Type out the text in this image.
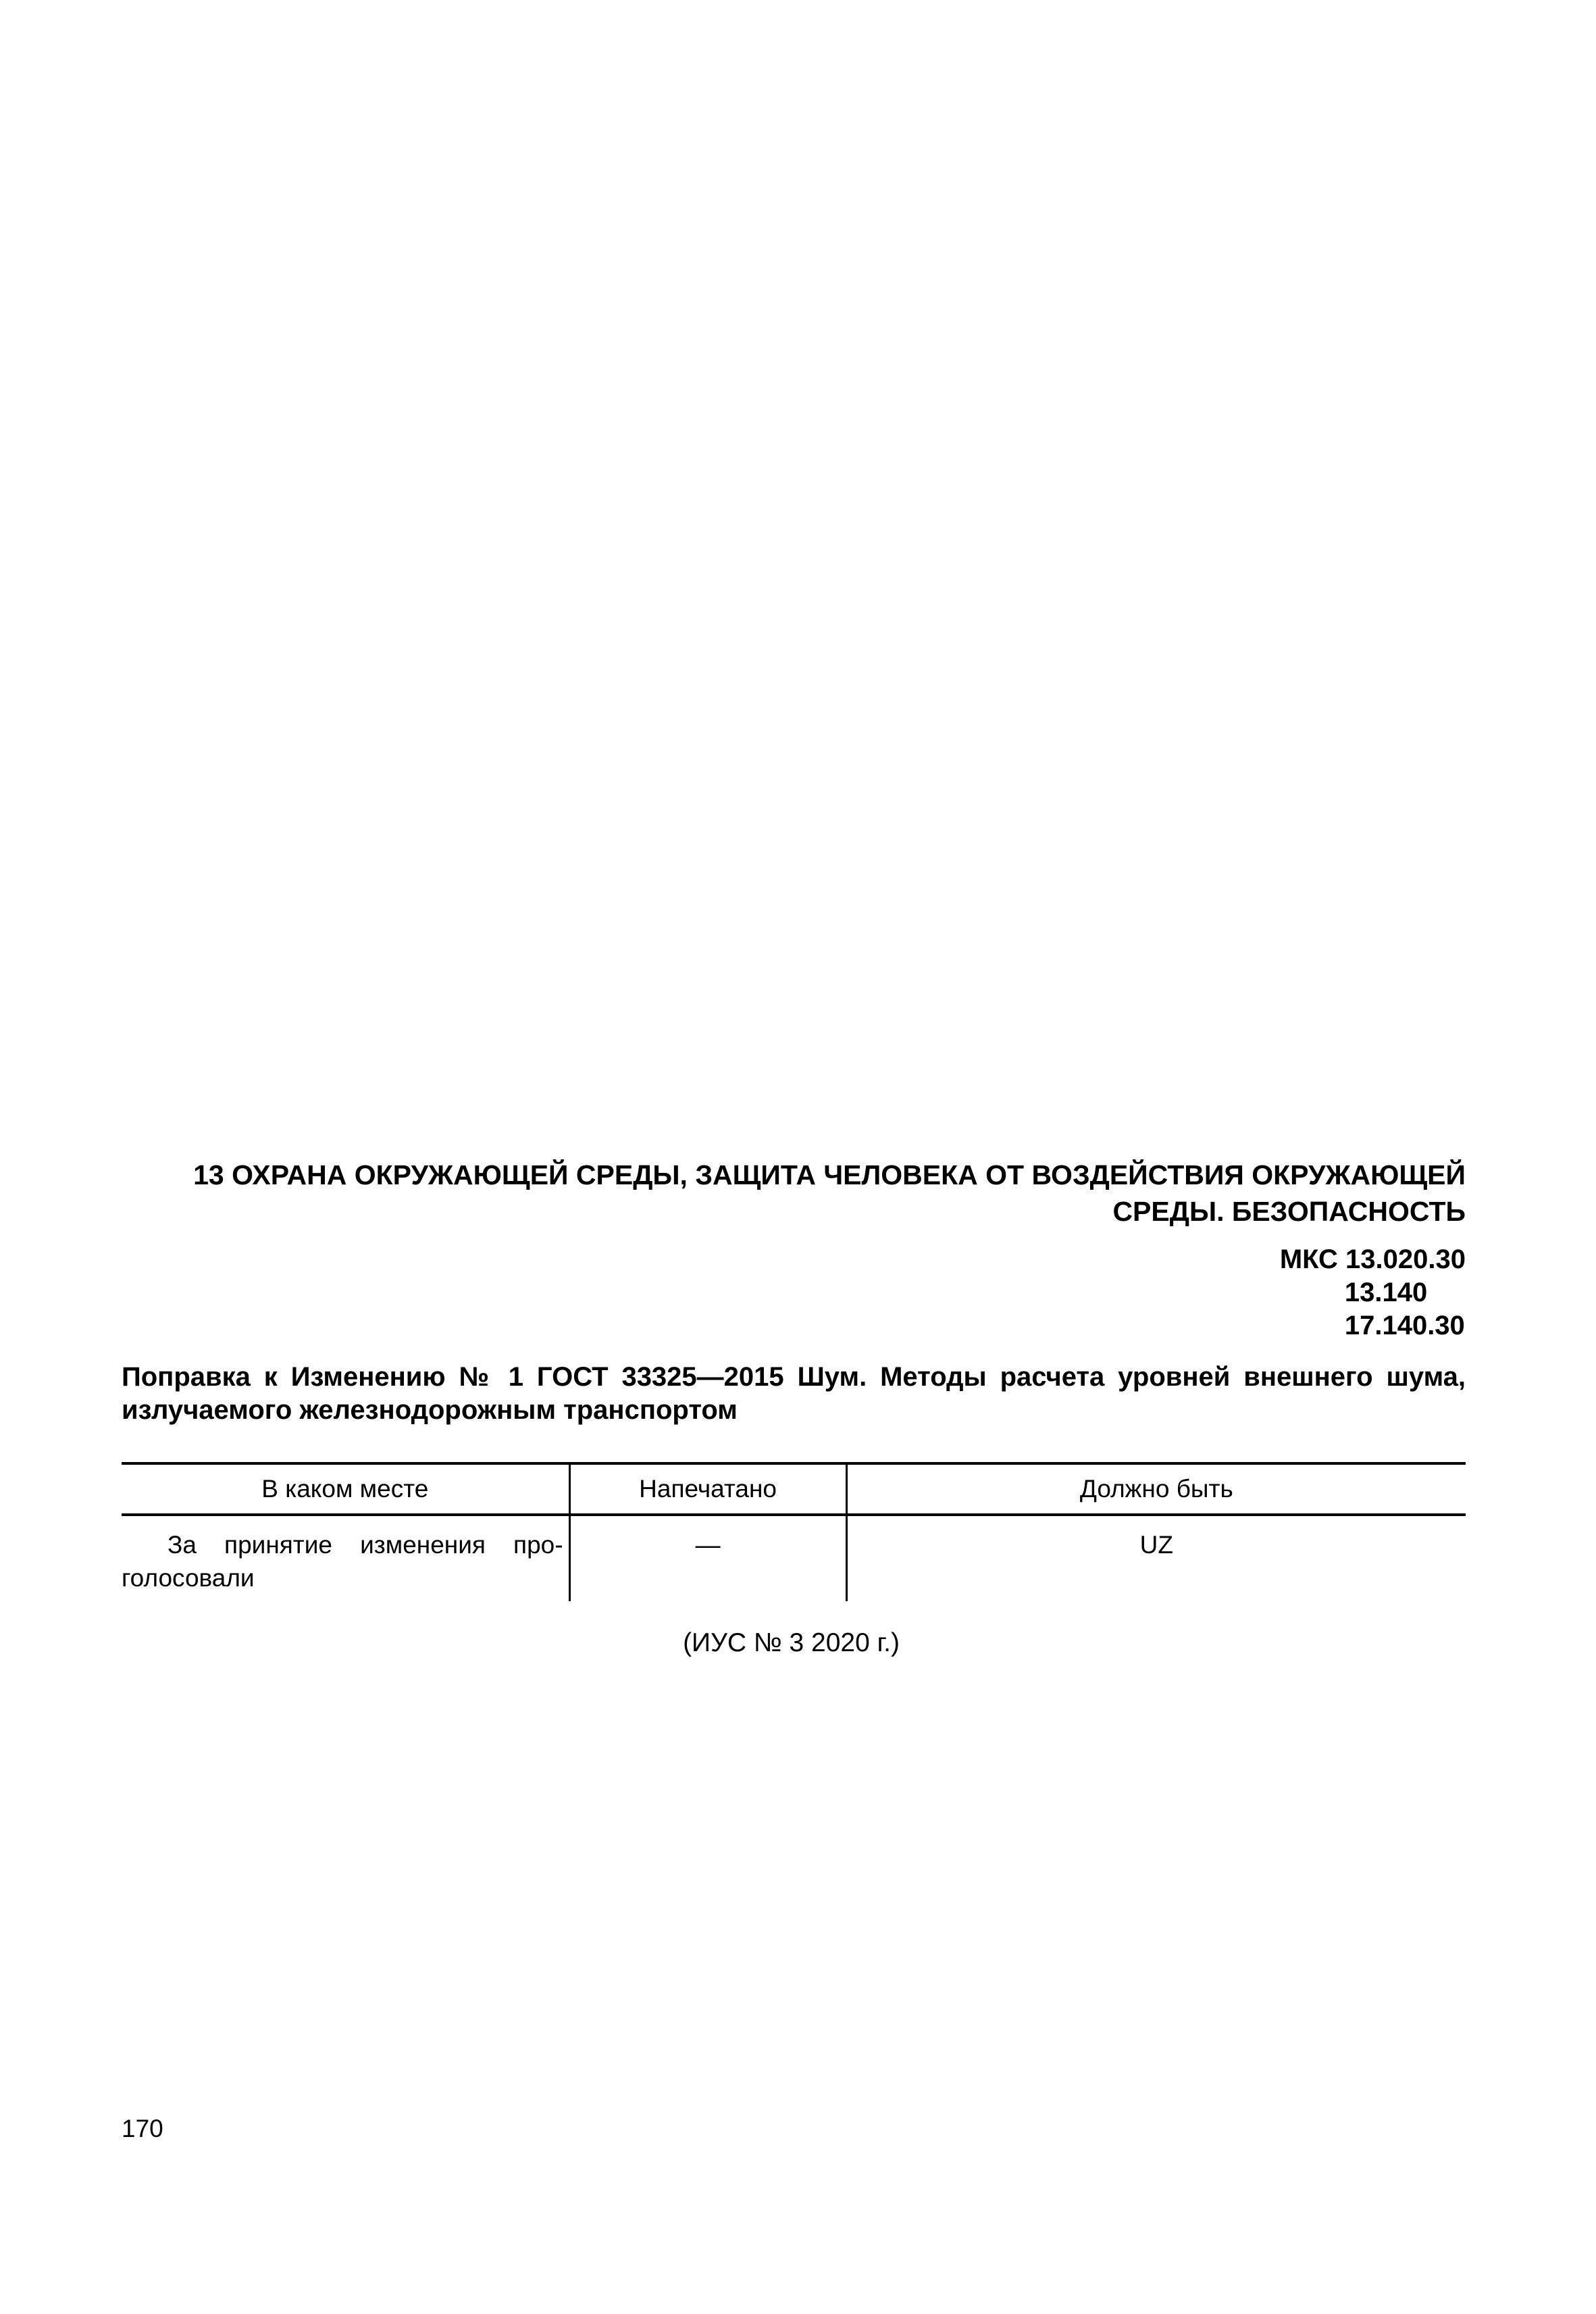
13 ОХРАНА ОКРУЖАЮЩЕЙ СРЕДЫ, ЗАЩИТА ЧЕЛОВЕКА ОТ ВОЗДЕЙСТВИЯ ОКРУЖАЮЩЕЙ
СРЕДЫ. БЕЗОПАСНОСТЬ
МКС 13.020.30
13.140
17.140.30
Поправка к Изменению № 1 ГОСТ 33325—2015 Шум. Методы расчета уровней внешнего шума, излучаемого железнодорожным транспортом
В каком месте	Напечатано	Должно быть
За принятие изменения про-голосовали	—	UZ
(ИУС № 3 2020 г.)
170
